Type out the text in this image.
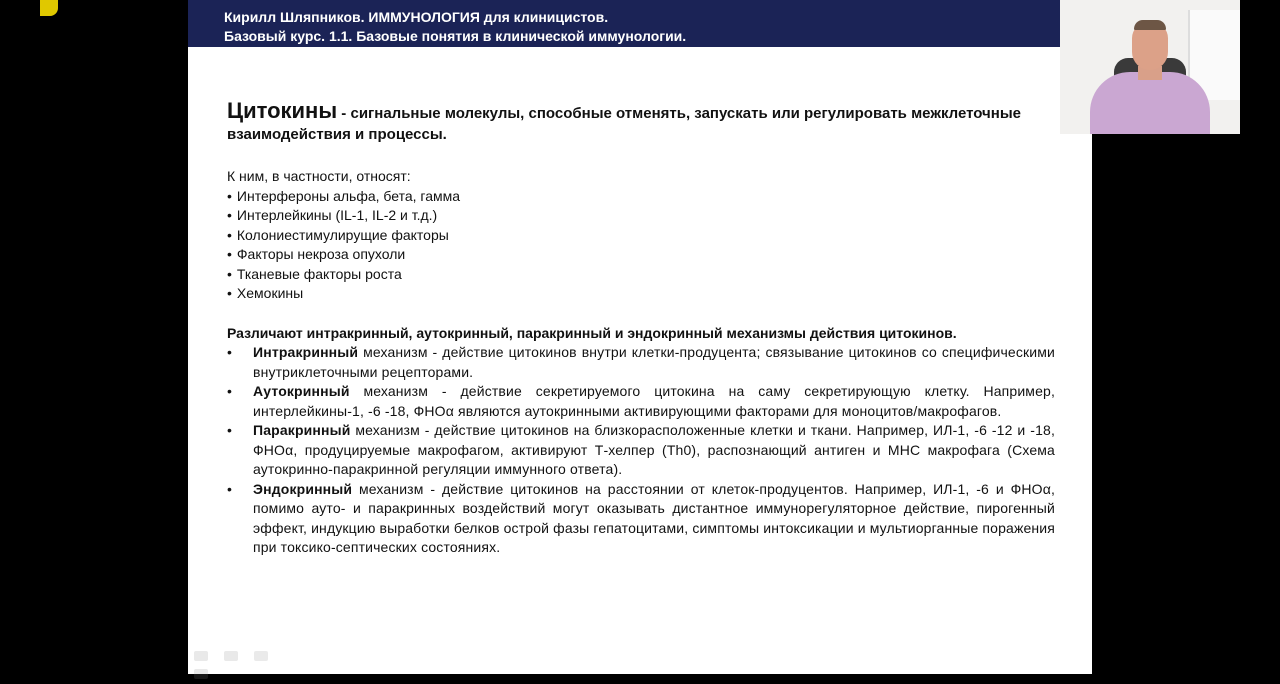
Кирилл Шляпников. ИММУНОЛОГИЯ для клиницистов.
Базовый курс. 1.1. Базовые понятия в клинической иммунологии.
Цитокины - сигнальные молекулы, способные отменять, запускать или регулировать межклеточные взаимодействия и процессы.
К ним, в частности, относят:
• Интерфероны альфа, бета, гамма
• Интерлейкины (IL-1, IL-2 и т.д.)
• Колониестимулирущие факторы
• Факторы некроза опухоли
• Тканевые факторы роста
• Хемокины
Различают интракринный, аутокринный, паракринный и эндокринный механизмы действия цитокинов.
• Интракринный механизм - действие цитокинов внутри клетки-продуцента; связывание цитокинов со специфическими внутриклеточными рецепторами.
• Аутокринный механизм - действие секретируемого цитокина на саму секретирующую клетку. Например, интерлейкины-1, -6 -18, ФНОα являются аутокринными активирующими факторами для моноцитов/макрофагов.
• Паракринный механизм - действие цитокинов на близкорасположенные клетки и ткани. Например, ИЛ-1, -6 -12 и -18, ФНОα, продуцируемые макрофагом, активируют Т-хелпер (Th0), распознающий антиген и МНС макрофага (Схема аутокринно-паракринной регуляции иммунного ответа).
• Эндокринный механизм - действие цитокинов на расстоянии от клеток-продуцентов. Например, ИЛ-1, -6 и ФНОα, помимо ауто- и паракринных воздействий могут оказывать дистантное иммунорегуляторное действие, пирогенный эффект, индукцию выработки белков острой фазы гепатоцитами, симптомы интоксикации и мультиорганные поражения при токсико-септических состояниях.
